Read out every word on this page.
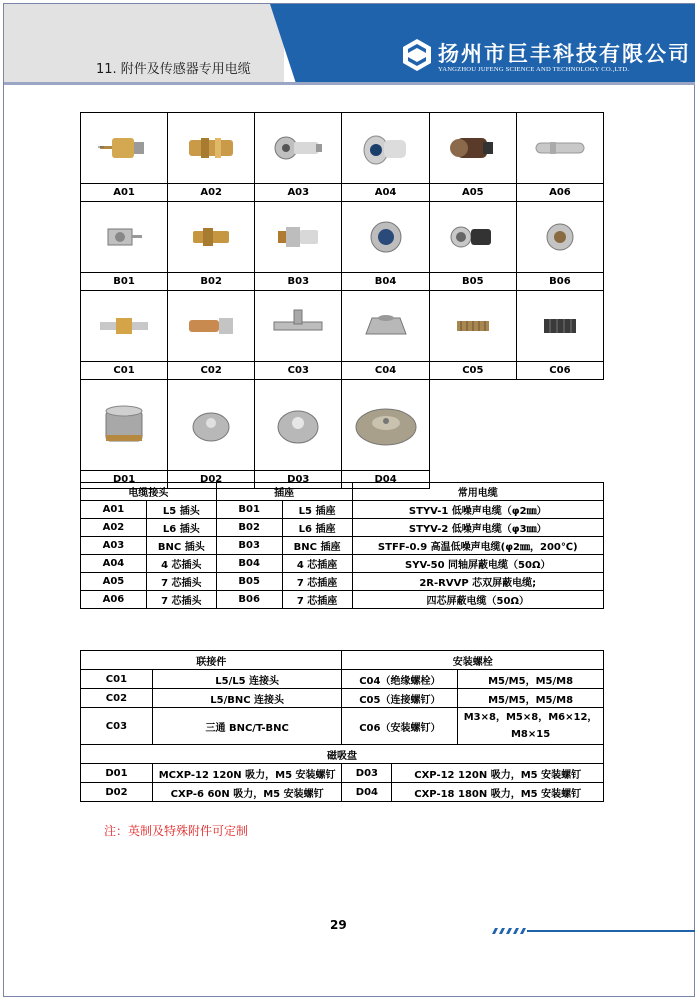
11. 附件及传感器专用电缆
扬州市巨丰科技有限公司
YANGZHOU JUFENG SCIENCE AND TECHNOLOGY CO.,LTD.

A01	A02	A03	A04	A05	A06

B01	B02	B03	B04	B05	B06

C01	C02	C03	C04	C05	C06

D01	D02	D03	D04		
电缆接头		插座		常用电缆
A01	L5 插头	B01	L5 插座	STYV-1 低噪声电缆（φ2㎜）
A02	L6 插头	B02	L6 插座	STYV-2 低噪声电缆（φ3㎜）
A03	BNC 插头	B03	BNC 插座	STFF-0.9 高温低噪声电缆(φ2㎜，200℃)
A04	4 芯插头	B04	4 芯插座	SYV-50 同轴屏蔽电缆（50Ω）
A05	7 芯插头	B05	7 芯插座	2R-RVVP 芯双屏蔽电缆;
A06	7 芯插头	B06	7 芯插座	四芯屏蔽电缆（50Ω）
联接件		安装螺栓		
C01	L5/L5 连接头	C04（绝缘螺栓）		M5/M5，M5/M8
C02	L5/BNC 连接头	C05（连接螺钉）		M5/M5，M5/M8
C03	三通 BNC/T-BNC	C06（安装螺钉）		M3×8，M5×8，M6×12，M8×15
磁吸盘				
D01	MCXP-12 120N 吸力，M5 安装螺钉	D03	CXP-12 120N 吸力，M5 安装螺钉	
D02	CXP-6 60N 吸力，M5 安装螺钉	D04	CXP-18 180N 吸力，M5 安装螺钉	
注：英制及特殊附件可定制
29
